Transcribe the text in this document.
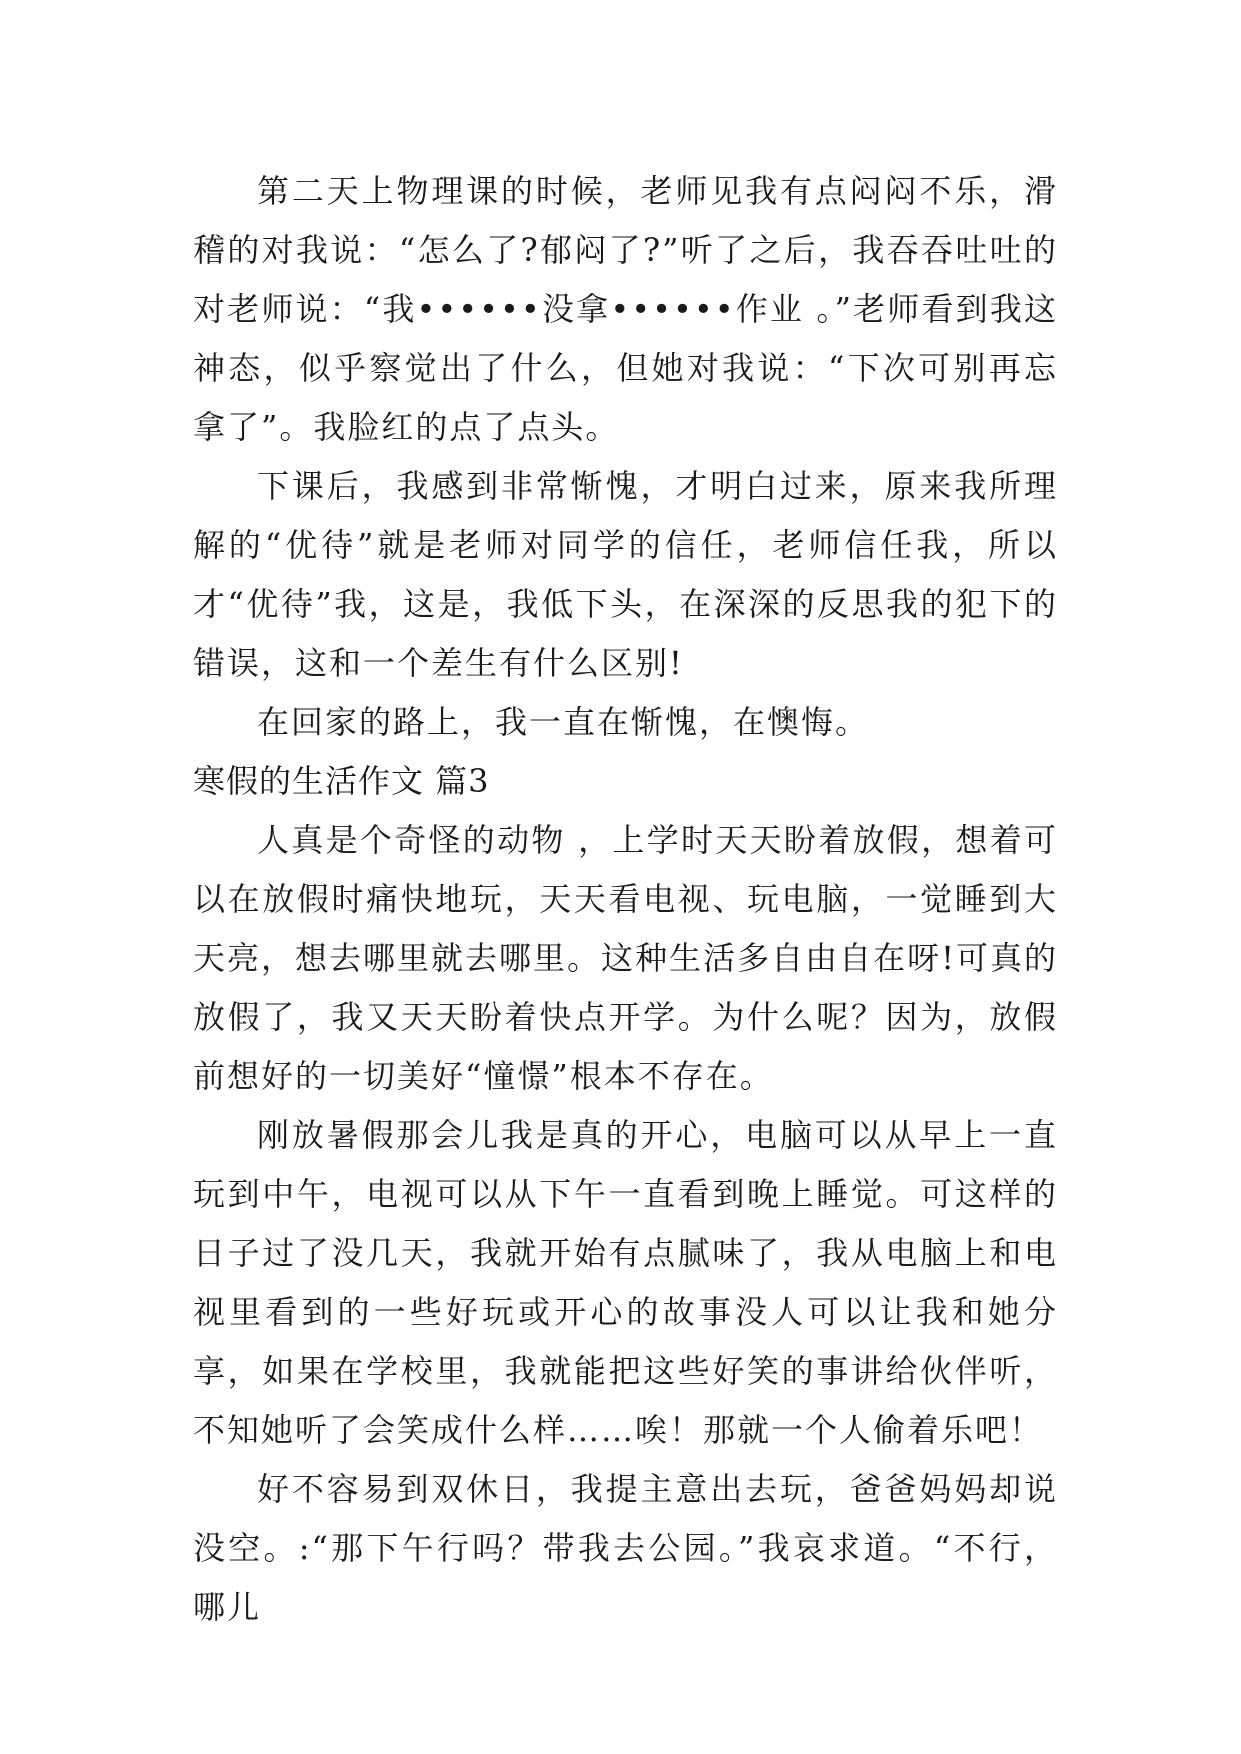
第二天上物理课的时候，老师见我有点闷闷不乐，滑稽的对我说：“怎么了?郁闷了?”听了之后，我吞吞吐吐的对老师说：“我••••••没拿••••••作业 。”老师看到我这神态，似乎察觉出了什么，但她对我说：“下次可别再忘拿了”。我脸红的点了点头。

下课后，我感到非常惭愧，才明白过来，原来我所理解的“优待”就是老师对同学的信任，老师信任我，所以才“优待”我，这是，我低下头，在深深的反思我的犯下的错误，这和一个差生有什么区别!

在回家的路上，我一直在惭愧，在懊悔。

寒假的生活作文 篇3

人真是个奇怪的动物 ，上学时天天盼着放假，想着可以在放假时痛快地玩，天天看电视、玩电脑，一觉睡到大天亮，想去哪里就去哪里。这种生活多自由自在呀!可真的放假了，我又天天盼着快点开学。为什么呢？因为，放假前想好的一切美好“憧憬”根本不存在。

刚放暑假那会儿我是真的开心，电脑可以从早上一直玩到中午，电视可以从下午一直看到晚上睡觉。可这样的日子过了没几天，我就开始有点腻味了，我从电脑上和电视里看到的一些好玩或开心的故事没人可以让我和她分享，如果在学校里，我就能把这些好笑的事讲给伙伴听，不知她听了会笑成什么样……唉！那就一个人偷着乐吧！

好不容易到双休日，我提主意出去玩，爸爸妈妈却说没空。:“那下午行吗？带我去公园。”我哀求道。“不行，哪儿
